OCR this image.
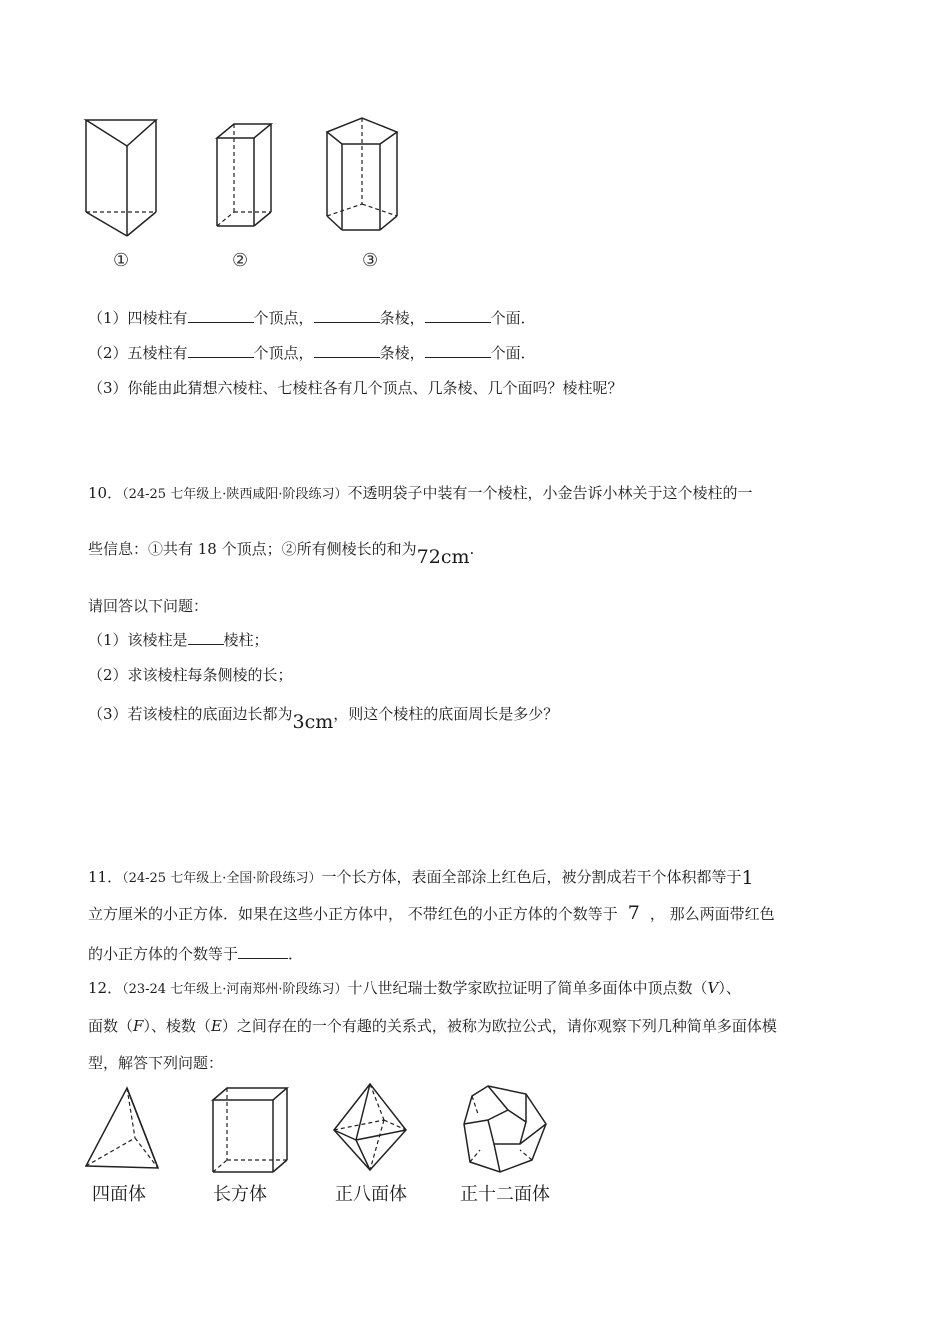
①	②	③
（1）四棱柱有	个顶点，	条棱，	个面．
（2）五棱柱有	个顶点，	条棱，	个面．
（3）你能由此猜想六棱柱、七棱柱各有几个顶点、几条棱、几个面吗？棱柱呢？
10．（24-25 七年级上·陕西咸阳·阶段练习）不透明袋子中装有一个棱柱，小金告诉小林关于这个棱柱的一
些信息：①共有 18 个顶点；②所有侧棱长的和为72cm.
请回答以下问题：
（1）该棱柱是 棱柱；
（2）求该棱柱每条侧棱的长；
（3）若该棱柱的底面边长都为3cm，则这个棱柱的底面周长是多少？
11．（24-25 七年级上·全国·阶段练习）一个长方体，表面全部涂上红色后，被分割成若干个体积都等于1
立方厘米的小正方体．如果在这些小正方体中， 不带红色的小正方体的个数等于 7 ， 那么两面带红色
的小正方体的个数等于	．
12．（23-24 七年级上·河南郑州·阶段练习）十八世纪瑞士数学家欧拉证明了简单多面体中顶点数（V）、
面数（F）、棱数（E）之间存在的一个有趣的关系式，被称为欧拉公式，请你观察下列几种简单多面体模
型，解答下列问题：
四面体	长方体	正八面体	正十二面体
